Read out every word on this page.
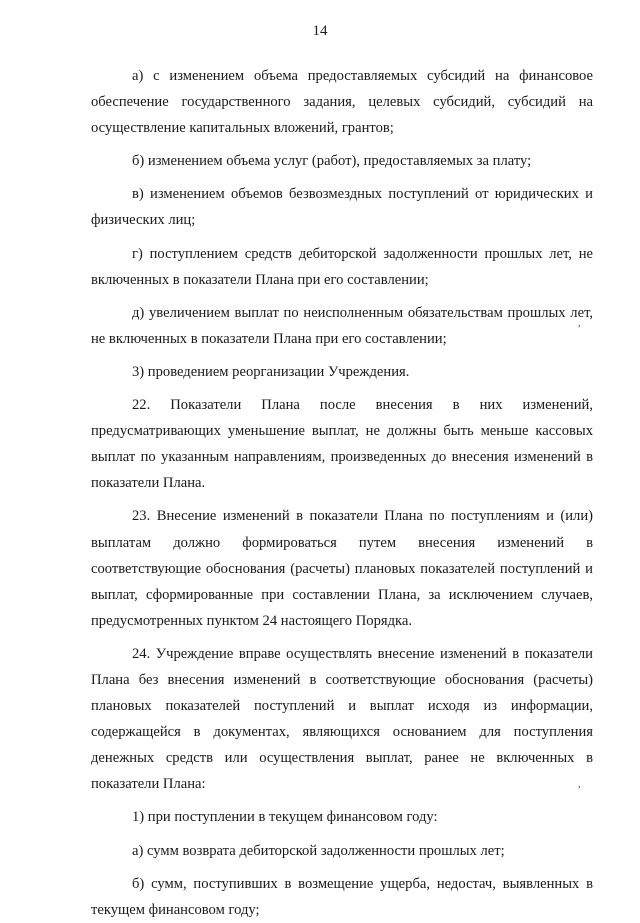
14

а) с изменением объема предоставляемых субсидий на финансовое обеспечение государственного задания, целевых субсидий, субсидий на осуществление капитальных вложений, грантов;

б) изменением объема услуг (работ), предоставляемых за плату;

в) изменением объемов безвозмездных поступлений от юридических и физических лиц;

г) поступлением средств дебиторской задолженности прошлых лет, не включенных в показатели Плана при его составлении;

д) увеличением выплат по неисполненным обязательствам прошлых лет, не включенных в показатели Плана при его составлении;

3) проведением реорганизации Учреждения.

22. Показатели Плана после внесения в них изменений, предусматривающих уменьшение выплат, не должны быть меньше кассовых выплат по указанным направлениям, произведенных до внесения изменений в показатели Плана.

23. Внесение изменений в показатели Плана по поступлениям и (или) выплатам должно формироваться путем внесения изменений в соответствующие обоснования (расчеты) плановых показателей поступлений и выплат, сформированные при составлении Плана, за исключением случаев, предусмотренных пунктом 24 настоящего Порядка.

24. Учреждение вправе осуществлять внесение изменений в показатели Плана без внесения изменений в соответствующие обоснования (расчеты) плановых показателей поступлений и выплат исходя из информации, содержащейся в документах, являющихся основанием для поступления денежных средств или осуществления выплат, ранее не включенных в показатели Плана:

1) при поступлении в текущем финансовом году:

а) сумм возврата дебиторской задолженности прошлых лет;

б) сумм, поступивших в возмещение ущерба, недостач, выявленных в текущем финансовом году;

,
,
